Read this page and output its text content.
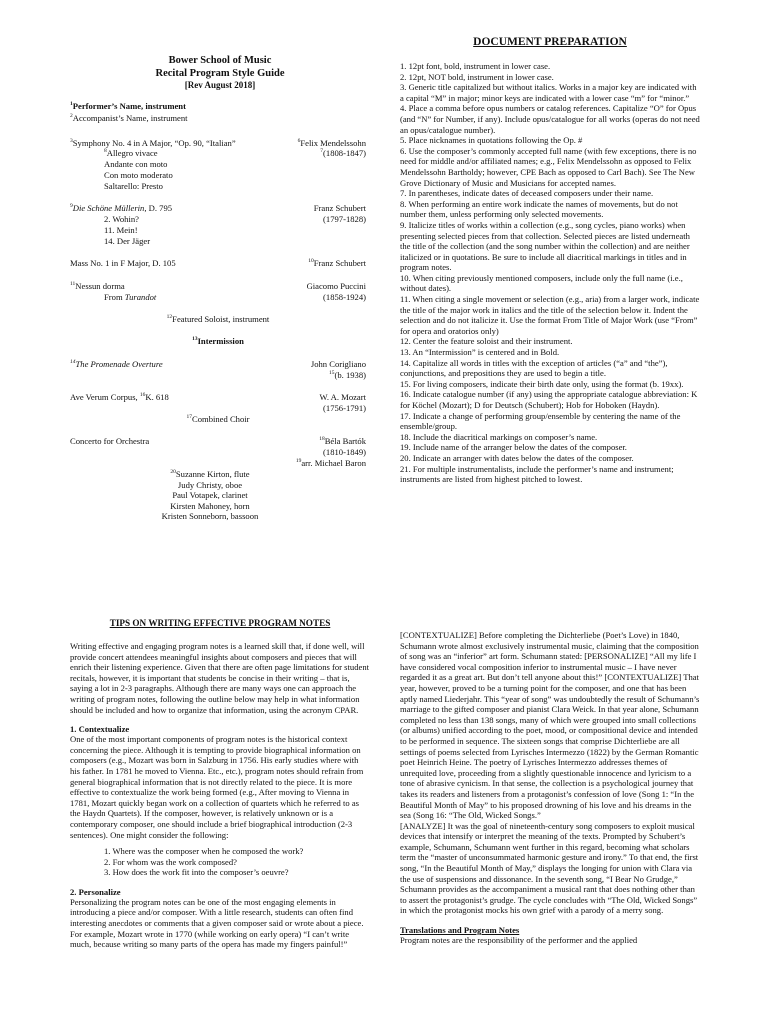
Bower School of Music
Recital Program Style Guide
[Rev August 2018]
$^1$Performer’s Name, instrument
$^2$Accompanist’s Name, instrument
$^3$Symphony No. 4 in A Major, “Op. 90, “Italian”	$^6$Felix Mendelssohn
$^7$(1808-1847)
$^8$Allegro vivace
Andante con moto
Con moto moderato
Saltarello: Presto
$^9$Die Schöne Müllerin, D. 795	Franz Schubert
(1797-1828)
2. Wohin?
11. Mein!
14. Der Jäger
Mass No. 1 in F Major, D. 105	$^{10}$Franz Schubert
$^{11}$Nessun dorma
From Turandot
Giacomo Puccini
(1858-1924)
$^{12}$Featured Soloist, instrument
$^{13}$Intermission
$^{14}$The Promenade Overture	John Corigliano
$^{15}$(b. 1938)
Ave Verum Corpus, $^{16}$K. 618	W. A. Mozart
(1756-1791)
$^{17}$Combined Choir
Concerto for Orchestra	$^{18}$Béla Bartók
(1810-1849)
$^{19}$arr. Michael Baron
$^{20}$Suzanne Kirton, flute
Judy Christy, oboe
Paul Votapek, clarinet
Kirsten Mahoney, horn
Kristen Sonneborn, bassoon
DOCUMENT PREPARATION
1. 12pt font, bold, instrument in lower case.
2. 12pt, NOT bold, instrument in lower case.
3. Generic title capitalized but without italics. Works in a major key are indicated with a capital “M” in major; minor keys are indicated with a lower case “m” for “minor.”
4. Place a comma before opus numbers or catalog references. Capitalize “O” for Opus (and “N” for Number, if any). Include opus/catalogue for all works (operas do not need an opus/catalogue number).
5. Place nicknames in quotations following the Op. #
6. Use the composer’s commonly accepted full name (with few exceptions, there is no need for middle and/or affiliated names; e.g., Felix Mendelssohn as opposed to Felix Mendelssohn Bartholdy; however, CPE Bach as opposed to Carl Bach). See The New Grove Dictionary of Music and Musicians for accepted names.
7. In parentheses, indicate dates of deceased composers under their name.
8. When performing an entire work indicate the names of movements, but do not number them, unless performing only selected movements.
9. Italicize titles of works within a collection (e.g., song cycles, piano works) when presenting selected pieces from that collection. Selected pieces are listed underneath the title of the collection (and the song number within the collection) and are neither italicized or in quotations. Be sure to include all diacritical markings in titles and in program notes.
10. When citing previously mentioned composers, include only the full name (i.e., without dates).
11. When citing a single movement or selection (e.g., aria) from a larger work, indicate the title of the major work in italics and the title of the selection below it. Indent the selection and do not italicize it. Use the format From Title of Major Work (use “From” for opera and oratorios only)
12. Center the feature soloist and their instrument.
13. An “Intermission” is centered and in Bold.
14. Capitalize all words in titles with the exception of articles (“a” and “the”), conjunctions, and prepositions they are used to begin a title.
15. For living composers, indicate their birth date only, using the format (b. 19xx).
16. Indicate catalogue number (if any) using the appropriate catalogue abbreviation: K for Köchel (Mozart); D for Deutsch (Schubert); Hob for Hoboken (Haydn).
17. Indicate a change of performing group/ensemble by centering the name of the ensemble/group.
18. Include the diacritical markings on composer’s name.
19. Include name of the arranger below the dates of the composer.
20. Indicate an arranger with dates below the dates of the composer.
21. For multiple instrumentalists, include the performer’s name and instrument; instruments are listed from highest pitched to lowest.
TIPS ON WRITING EFFECTIVE PROGRAM NOTES
Writing effective and engaging program notes is a learned skill that, if done well, will provide concert attendees meaningful insights about composers and pieces that will enrich their listening experience. Given that there are often page limitations for student recitals, however, it is important that students be concise in their writing – that is, saying a lot in 2-3 paragraphs. Although there are many ways one can approach the writing of program notes, following the outline below may help in what information should be included and how to organize that information, using the acronym CPAR.
1. Contextualize
One of the most important components of program notes is the historical context concerning the piece. Although it is tempting to provide biographical information on composers (e.g., Mozart was born in Salzburg in 1756. His early studies where with his father. In 1781 he moved to Vienna. Etc., etc.), program notes should refrain from general biographical information that is not directly related to the piece. It is more effective to contextualize the work being formed (e.g., After moving to Vienna in 1781, Mozart quickly began work on a collection of quartets which he referred to as the Haydn Quartets). If the composer, however, is relatively unknown or is a contemporary composer, one should include a brief biographical introduction (2-3 sentences). One might consider the following:
1. Where was the composer when he composed the work?
2. For whom was the work composed?
3. How does the work fit into the composer’s oeuvre?
2. Personalize
Personalizing the program notes can be one of the most engaging elements in introducing a piece and/or composer. With a little research, students can often find interesting anecdotes or comments that a given composer said or wrote about a piece. For example, Mozart wrote in 1770 (while working on early opera) “I can’t write much, because writing so many parts of the opera has made my fingers painful!”
[CONTEXTUALIZE] Before completing the Dichterliebe (Poet’s Love) in 1840, Schumann wrote almost exclusively instrumental music, claiming that the composition of song was an “inferior” art form. Schumann stated: [PERSONALIZE] “All my life I have considered vocal composition inferior to instrumental music – I have never regarded it as a great art. But don’t tell anyone about this!” [CONTEXTUALIZE] That year, however, proved to be a turning point for the composer, and one that has been aptly named Liederjahr. This “year of song” was undoubtedly the result of Schumann’s marriage to the gifted composer and pianist Clara Weick. In that year alone, Schumann completed no less than 138 songs, many of which were grouped into small collections (or albums) unified according to the poet, mood, or compositional device and intended to be performed in sequence. The sixteen songs that comprise Dichterliebe are all settings of poems selected from Lyrisches Intermezzo (1822) by the German Romantic poet Heinrich Heine. The poetry of Lyrisches Intermezzo addresses themes of unrequited love, proceeding from a slightly questionable innocence and lyricism to a tone of abrasive cynicism. In that sense, the collection is a psychological journey that takes its readers and listeners from a protagonist’s confession of love (Song 1: “In the Beautiful Month of May” to his proposed drowning of his love and his dreams in the sea (Song 16: “The Old, Wicked Songs.”
[ANALYZE] It was the goal of nineteenth-century song composers to exploit musical devices that intensify or interpret the meaning of the texts. Prompted by Schubert’s example, Schumann, Schumann went further in this regard, becoming what scholars term the “master of unconsummated harmonic gesture and irony.” To that end, the first song, “In the Beautiful Month of May,” displays the longing for union with Clara via the use of suspensions and dissonance. In the seventh song, “I Bear No Grudge,” Schumann provides as the accompaniment a musical rant that does nothing other than to assert the protagonist’s grudge. The cycle concludes with “The Old, Wicked Songs” in which the protagonist mocks his own grief with a parody of a merry song.
Translations and Program Notes
Program notes are the responsibility of the performer and the applied
